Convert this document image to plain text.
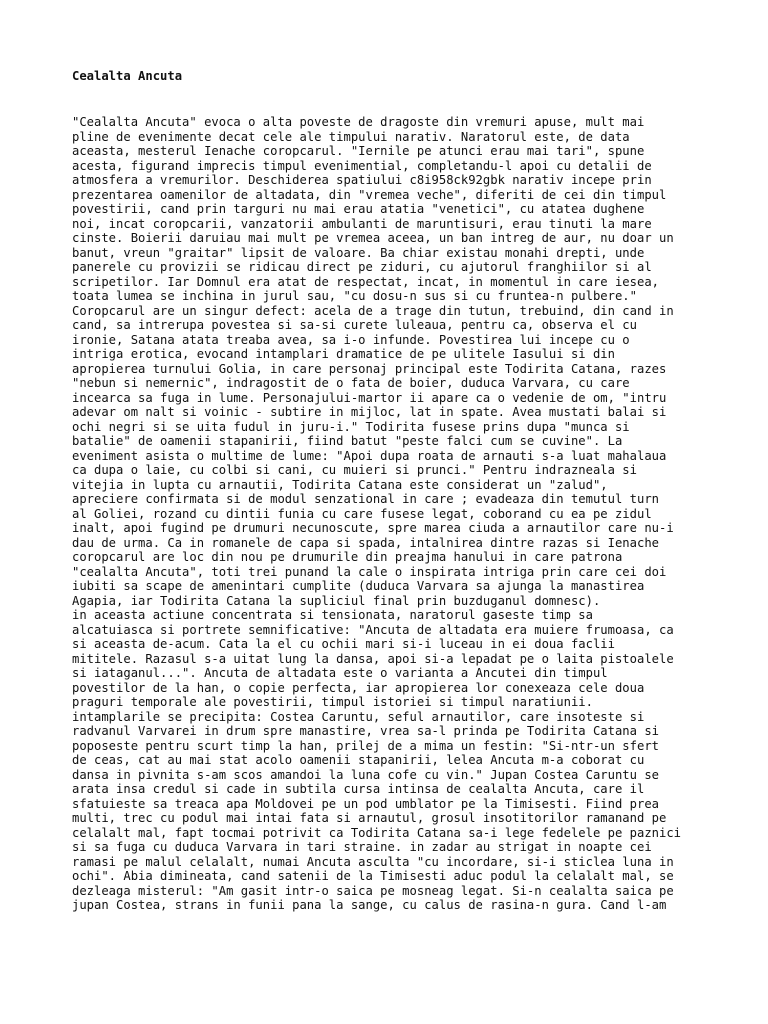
Cealalta Ancuta
"Cealalta Ancuta" evoca o alta poveste de dragoste din vremuri apuse, mult mai
pline de evenimente decat cele ale timpului narativ. Naratorul este, de data
aceasta, mesterul Ienache coropcarul. "Iernile pe atunci erau mai tari", spune
acesta, figurand imprecis timpul evenimential, completandu-l apoi cu detalii de
atmosfera a vremurilor. Deschiderea spatiului c8i958ck92gbk narativ incepe prin
prezentarea oamenilor de altadata, din "vremea veche", diferiti de cei din timpul
povestirii, cand prin targuri nu mai erau atatia "venetici", cu atatea dughene
noi, incat coropcarii, vanzatorii ambulanti de maruntisuri, erau tinuti la mare
cinste. Boierii daruiau mai mult pe vremea aceea, un ban intreg de aur, nu doar un
banut, vreun "graitar" lipsit de valoare. Ba chiar existau monahi drepti, unde
panerele cu provizii se ridicau direct pe ziduri, cu ajutorul franghiilor si al
scripetilor. Iar Domnul era atat de respectat, incat, in momentul in care iesea,
toata lumea se inchina in jurul sau, "cu dosu-n sus si cu fruntea-n pulbere."
Coropcarul are un singur defect: acela de a trage din tutun, trebuind, din cand in
cand, sa intrerupa povestea si sa-si curete luleaua, pentru ca, observa el cu
ironie, Satana atata treaba avea, sa i-o infunde. Povestirea lui incepe cu o
intriga erotica, evocand intamplari dramatice de pe ulitele Iasului si din
apropierea turnului Golia, in care personaj principal este Todirita Catana, razes
"nebun si nemernic", indragostit de o fata de boier, duduca Varvara, cu care
incearca sa fuga in lume. Personajului-martor ii apare ca o vedenie de om, "intru
adevar om nalt si voinic - subtire in mijloc, lat in spate. Avea mustati balai si
ochi negri si se uita fudul in juru-i." Todirita fusese prins dupa "munca si
batalie" de oamenii stapanirii, fiind batut "peste falci cum se cuvine". La
eveniment asista o multime de lume: "Apoi dupa roata de arnauti s-a luat mahalaua
ca dupa o laie, cu colbi si cani, cu muieri si prunci." Pentru indrazneala si
vitejia in lupta cu arnautii, Todirita Catana este considerat un "zalud",
apreciere confirmata si de modul senzational in care ; evadeaza din temutul turn
al Goliei, rozand cu dintii funia cu care fusese legat, coborand cu ea pe zidul
inalt, apoi fugind pe drumuri necunoscute, spre marea ciuda a arnautilor care nu-i
dau de urma. Ca in romanele de capa si spada, intalnirea dintre razas si Ienache
coropcarul are loc din nou pe drumurile din preajma hanului in care patrona
"cealalta Ancuta", toti trei punand la cale o inspirata intriga prin care cei doi
iubiti sa scape de amenintari cumplite (duduca Varvara sa ajunga la manastirea
Agapia, iar Todirita Catana la supliciul final prin buzduganul domnesc).
in aceasta actiune concentrata si tensionata, naratorul gaseste timp sa
alcatuiasca si portrete semnificative: "Ancuta de altadata era muiere frumoasa, ca
si aceasta de-acum. Cata la el cu ochii mari si-i luceau in ei doua faclii
mititele. Razasul s-a uitat lung la dansa, apoi si-a lepadat pe o laita pistoalele
si iataganul...". Ancuta de altadata este o varianta a Ancutei din timpul
povestilor de la han, o copie perfecta, iar apropierea lor conexeaza cele doua
praguri temporale ale povestirii, timpul istoriei si timpul naratiunii.
intamplarile se precipita: Costea Caruntu, seful arnautilor, care insoteste si
radvanul Varvarei in drum spre manastire, vrea sa-l prinda pe Todirita Catana si
poposeste pentru scurt timp la han, prilej de a mima un festin: "Si-ntr-un sfert
de ceas, cat au mai stat acolo oamenii stapanirii, lelea Ancuta m-a coborat cu
dansa in pivnita s-am scos amandoi la luna cofe cu vin." Jupan Costea Caruntu se
arata insa credul si cade in subtila cursa intinsa de cealalta Ancuta, care il
sfatuieste sa treaca apa Moldovei pe un pod umblator pe la Timisesti. Fiind prea
multi, trec cu podul mai intai fata si arnautul, grosul insotitorilor ramanand pe
celalalt mal, fapt tocmai potrivit ca Todirita Catana sa-i lege fedelele pe paznici
si sa fuga cu duduca Varvara in tari straine. in zadar au strigat in noapte cei
ramasi pe malul celalalt, numai Ancuta asculta "cu incordare, si-i sticlea luna in
ochi". Abia dimineata, cand satenii de la Timisesti aduc podul la celalalt mal, se
dezleaga misterul: "Am gasit intr-o saica pe mosneag legat. Si-n cealalta saica pe
jupan Costea, strans in funii pana la sange, cu calus de rasina-n gura. Cand l-am
